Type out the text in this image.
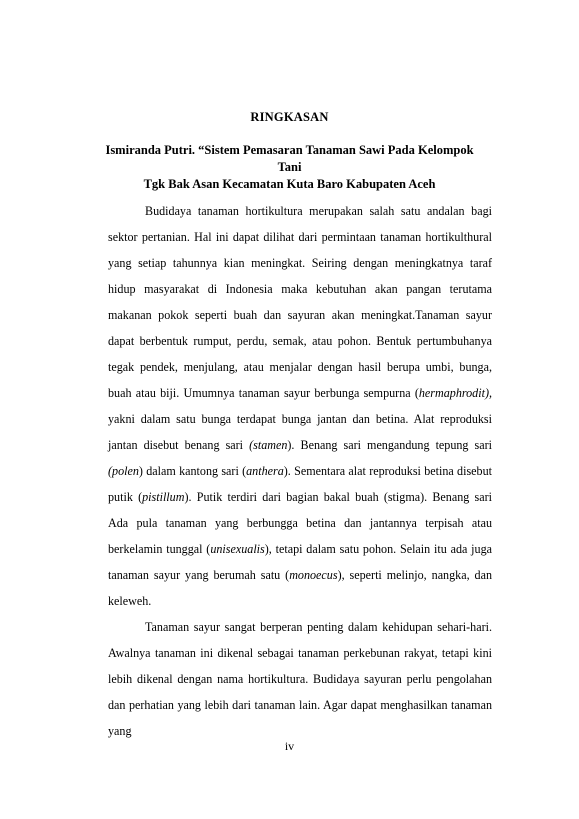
RINGKASAN
Ismiranda Putri. “Sistem Pemasaran Tanaman Sawi Pada Kelompok Tani
Tgk Bak Asan Kecamatan Kuta Baro Kabupaten Aceh

Budidaya tanaman hortikultura merupakan salah satu andalan bagi sektor pertanian. Hal ini dapat dilihat dari permintaan tanaman hortikulthural yang setiap tahunnya kian meningkat. Seiring dengan meningkatnya taraf hidup masyarakat di Indonesia maka kebutuhan akan pangan terutama makanan pokok seperti buah dan sayuran akan meningkat.Tanaman sayur dapat berbentuk rumput, perdu, semak, atau pohon. Bentuk pertumbuhanya tegak pendek, menjulang, atau menjalar dengan hasil berupa umbi, bunga, buah atau biji. Umumnya tanaman sayur berbunga sempurna (hermaphrodit), yakni dalam satu bunga terdapat bunga jantan dan betina. Alat reproduksi jantan disebut benang sari (stamen). Benang sari mengandung tepung sari (polen) dalam kantong sari (anthera). Sementara alat reproduksi betina disebut putik (pistillum). Putik terdiri dari bagian bakal buah (stigma). Benang sari Ada pula tanaman yang berbungga betina dan jantannya terpisah atau berkelamin tunggal (unisexualis), tetapi dalam satu pohon. Selain itu ada juga tanaman sayur yang berumah satu (monoecus), seperti melinjo, nangka, dan keleweh.

Tanaman sayur sangat berperan penting dalam kehidupan sehari-hari. Awalnya tanaman ini dikenal sebagai tanaman perkebunan rakyat, tetapi kini lebih dikenal dengan nama hortikultura. Budidaya sayuran perlu pengolahan dan perhatian yang lebih dari tanaman lain. Agar dapat menghasilkan tanaman yang

iv
